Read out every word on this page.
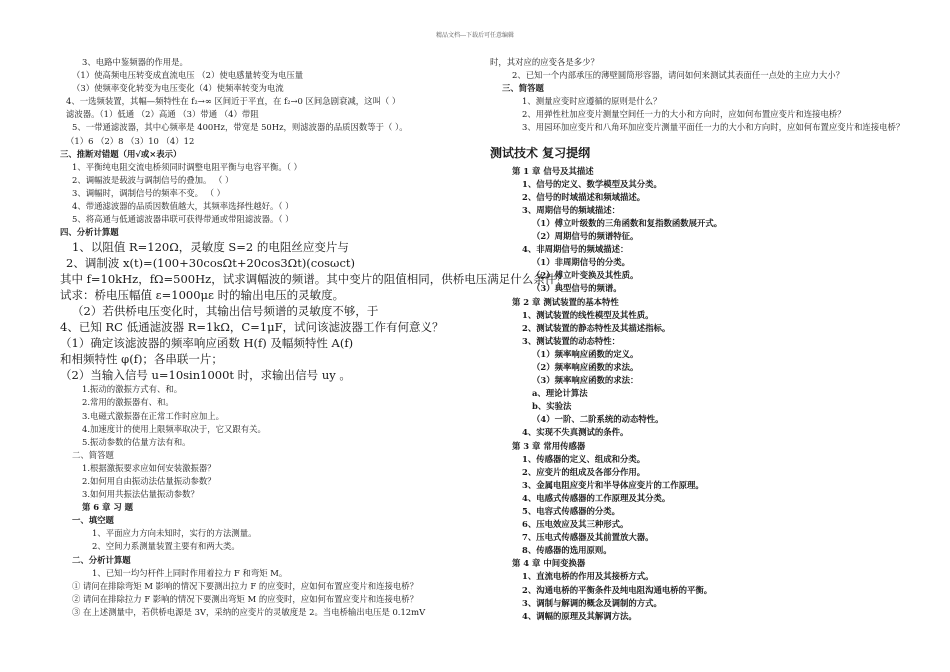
精品文档---下载后可任意编辑
3、电路中鉴频器的作用是。
（1）使高频电压转变成直流电压 （2）使电感量转变为电压量
（3）使频率变化转变为电压变化（4）使频率转变为电流
4、一选频装置，其幅—频特性在 f₂→∞ 区间近于平直，在 f₂→0 区间急剧衰减，这叫（ ）
滤波器。（1）低通 （2）高通 （3）带通 （4）带阻
5、一带通滤波器，其中心频率是 400Hz，带宽是 50Hz，则滤波器的品质因数等于（ ）。
（1）6 （2）8 （3）10 （4）12
三、推断对错题（用√或×表示）
1、平衡纯电阻交流电桥须同时调整电阻平衡与电容平衡。（ ）
2、调幅波是载波与调制信号的叠加。 （ ）
3、调幅时，调制信号的频率不变。 （ ）
4、带通滤波器的品质因数值越大，其频率选择性越好。（ ）
5、将高通与低通滤波器串联可获得带通或带阻滤波器。（ ）
四、分析计算题
1、以阻值 R=120Ω，灵敏度 S=2 的电阻丝应变片与
2、调制波 x(t)=(100+30cosΩt+20cos3Ωt)(cosωct)
其中 f=10kHz，fΩ=500Hz，试求调幅波的频谱。其中变片的阻值相同，供桥电压满足什么条件？
试求：桥电压幅值 ε=1000με 时的输出电压的灵敏度。
（2）若供桥电压变化时，其输出信号频谱的灵敏度不够，于
4、已知 RC 低通滤波器 R=1kΩ，C=1μF，试问该滤波器工作有何意义？
（1）确定该滤波器的频率响应函数 H(f) 及幅频特性 A(f)
和相频特性 φ(f)；各串联一片；
（2）当输入信号 u=10sin1000t 时，求输出信号 uy 。
1.振动的激振方式有、和。
2.常用的激振器有、和。
3.电磁式激振器在正常工作时应加上。
4.加速度计的使用上限频率取决于，它又跟有关。
5.振动参数的估量方法有和。
二、简答题
1.根据激振要求应如何安装激振器？
2.如何用自由振动法估量振动参数？
3.如何用共振法估量振动参数？
第 6 章 习 题
一、填空题
1、平面应力方向未知时，实行的方法测量。
2、空间力系测量装置主要有和两大类。
二、分析计算题
1、已知一均匀杆件上同时作用着拉力 F 和弯矩 M。
① 请问在排除弯矩 M 影响的情况下要测出拉力 F 的应变时，应如何布置应变片和连接电桥？
② 请问在排除拉力 F 影响的情况下要测出弯矩 M 的应变时，应如何布置应变片和连接电桥？
③ 在上述测量中，若供桥电源是 3V，采纳的应变片的灵敏度是 2。当电桥输出电压是 0.12mV
时，其对应的应变各是多少？
2、已知一个内部承压的薄壁圆筒形容器，请问如何来测试其表面任一点处的主应力大小？
三、简答题
1、测量应变时应遵循的原则是什么？
2、用弹性杜加应变片测量空间任一力的大小和方向时，应如何布置应变片和连接电桥？
3、用园环加应变片和八角环加应变片测量平面任一力的大小和方向时，应如何布置应变片和连接电桥？
测试技术 复习提纲
第 1 章 信号及其描述
1、信号的定义、数学模型及其分类。
2、信号的时域描述和频域描述。
3、周期信号的频域描述：
（1）傅立叶级数的三角函数和复指数函数展开式。
（2）周期信号的频谱特征。
4、非周期信号的频域描述：
（1）非周期信号的分类。
（2）傅立叶变换及其性质。
（3）典型信号的频谱。
第 2 章 测试装置的基本特性
1、测试装置的线性模型及其性质。
2、测试装置的静态特性及其描述指标。
3、测试装置的动态特性：
（1）频率响应函数的定义。
（2）频率响应函数的求法。
（3）频率响应函数的求法：
a、理论计算法
b、实验法
（4）一阶、二阶系统的动态特性。
4、实现不失真测试的条件。
第 3 章 常用传感器
1、传感器的定义、组成和分类。
2、应变片的组成及各部分作用。
3、金属电阻应变片和半导体应变片的工作原理。
4、电感式传感器的工作原理及其分类。
5、电容式传感器的分类。
6、压电效应及其三种形式。
7、压电式传感器及其前置放大器。
8、传感器的选用原则。
第 4 章 中间变换器
1、直流电桥的作用及其接桥方式。
2、沟通电桥的平衡条件及纯电阻沟通电桥的平衡。
3、调制与解调的概念及调制的方式。
4、调幅的原理及其解调方法。
